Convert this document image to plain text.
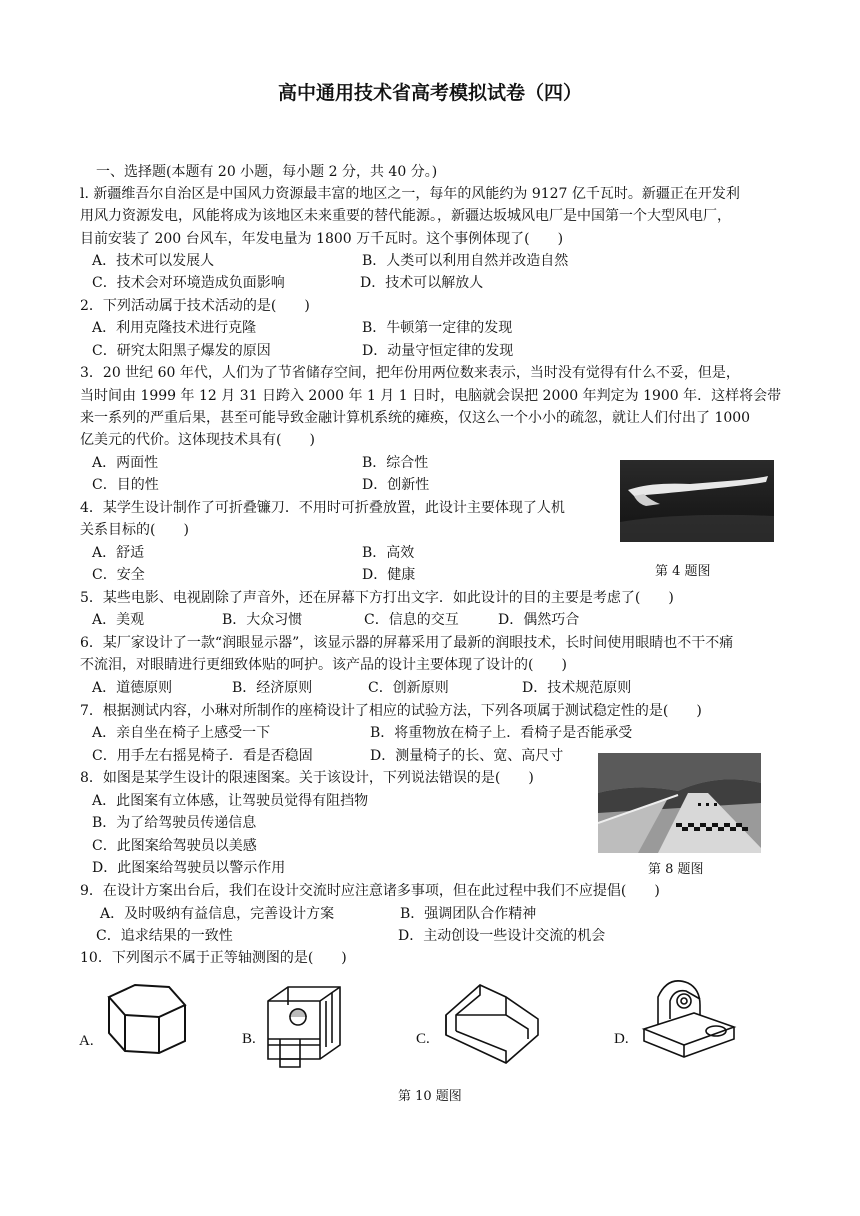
高中通用技术省高考模拟试卷（四）
一、选择题(本题有 20 小题，每小题 2 分，共 40 分。)
l. 新疆维吾尔自治区是中国风力资源最丰富的地区之一，每年的风能约为 9127 亿千瓦时。新疆正在开发利
用风力资源发电，风能将成为该地区未来重要的替代能源。，新疆达坂城风电厂是中国第一个大型风电厂，
目前安装了 200 台风车，年发电量为 1800 万千瓦时。这个事例体现了(　　)
A．技术可以发展人	B．人类可以利用自然并改造自然
C．技术会对环境造成负面影响	D．技术可以解放人
2．下列活动属于技术活动的是(　　)
A．利用克隆技术进行克隆	B．牛顿第一定律的发现
C．研究太阳黑子爆发的原因	D．动量守恒定律的发现
3．20 世纪 60 年代，人们为了节省储存空间，把年份用两位数来表示，当时没有觉得有什么不妥，但是，
当时间由 1999 年 12 月 31 日跨入 2000 年 1 月 1 日时，电脑就会误把 2000 年判定为 1900 年．这样将会带
来一系列的严重后果，甚至可能导致金融计算机系统的瘫痪，仅这么一个小小的疏忽，就让人们付出了 1000
亿美元的代价。这体现技术具有(　　)
A．两面性	B．综合性
C．目的性	D．创新性
第 4 题图
4．某学生设计制作了可折叠镰刀．不用时可折叠放置，此设计主要体现了人机
关系目标的(　　)
A．舒适	B．高效
C．安全	D．健康
5．某些电影、电视剧除了声音外，还在屏幕下方打出文字．如此设计的目的主要是考虑了(　　)
A．美观	B．大众习惯	C．信息的交互	D．偶然巧合
6．某厂家设计了一款“润眼显示器”，该显示器的屏幕采用了最新的润眼技术，长时间使用眼睛也不干不痛
不流泪，对眼睛进行更细致体贴的呵护。该产品的设计主要体现了设计的(　　)
A．道德原则	B．经济原则	C．创新原则	D．技术规范原则
7．根据测试内容，小琳对所制作的座椅设计了相应的试验方法，下列各项属于测试稳定性的是(　　)
A．亲自坐在椅子上感受一下	B．将重物放在椅子上．看椅子是否能承受
C．用手左右摇晃椅子．看是否稳固	D．测量椅子的长、宽、高尺寸
第 8 题图
8．如图是某学生设计的限速图案。关于该设计，下列说法错误的是(　　)
A．此图案有立体感，让驾驶员觉得有阻挡物
B．为了给驾驶员传递信息
C．此图案给驾驶员以美感
D．此图案给驾驶员以警示作用
9．在设计方案出台后，我们在设计交流时应注意诸多事项，但在此过程中我们不应提倡(　　)
A．及时吸纳有益信息，完善设计方案	B．强调团队合作精神
C．追求结果的一致性	D．主动创设一些设计交流的机会
10．下列图示不属于正等轴测图的是(　　)
A.	B.	C.	D.
第 10 题图
